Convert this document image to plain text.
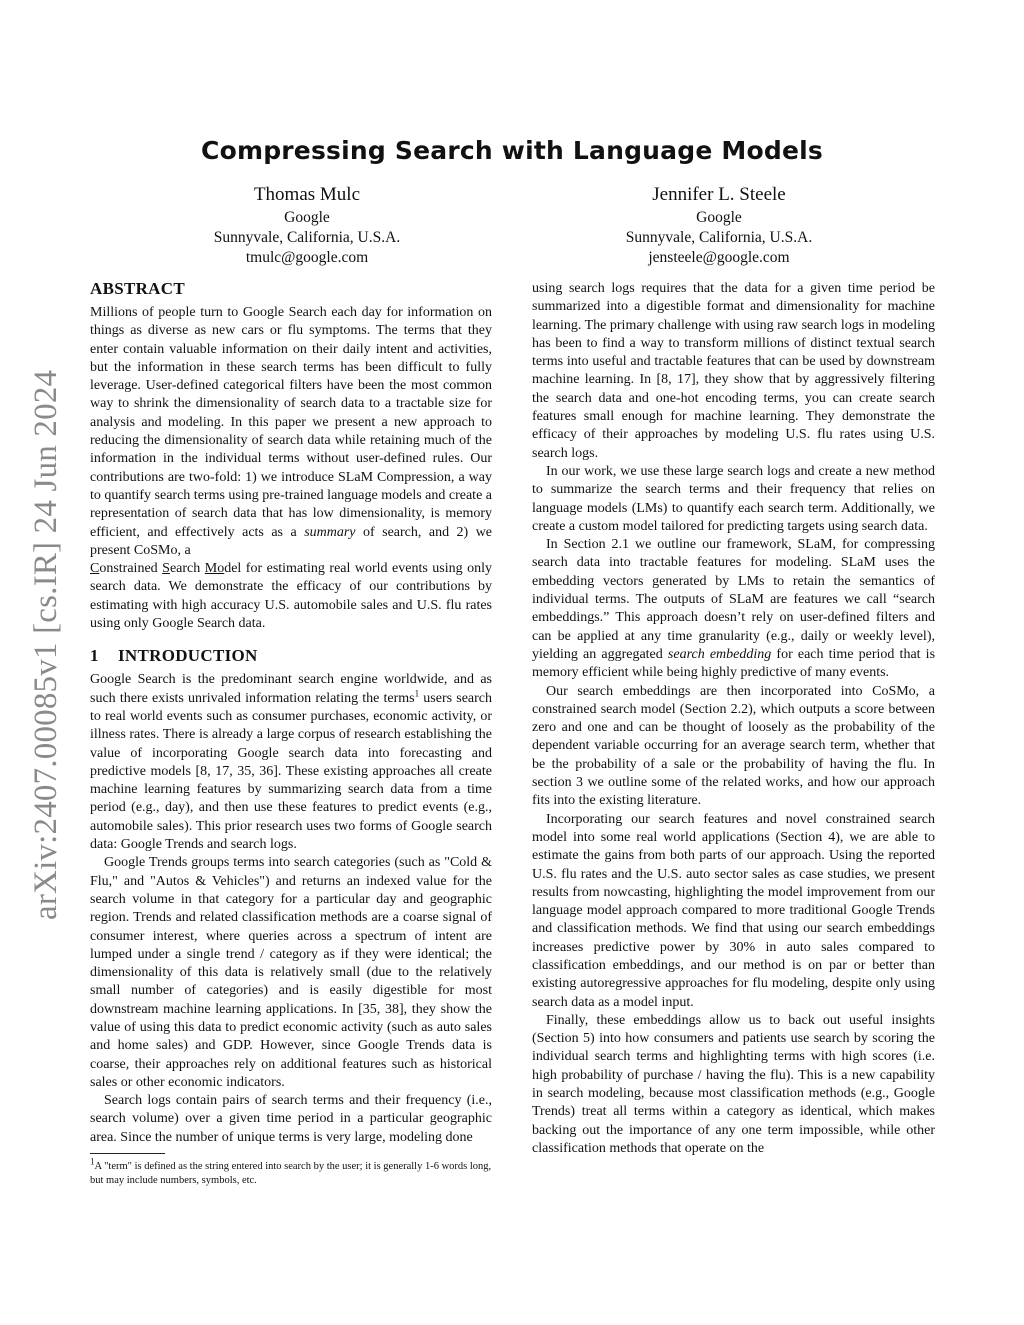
arXiv:2407.00085v1 [cs.IR] 24 Jun 2024
Compressing Search with Language Models
Thomas Mulc
Google
Sunnyvale, California, U.S.A.
tmulc@google.com
Jennifer L. Steele
Google
Sunnyvale, California, U.S.A.
jensteele@google.com
ABSTRACT

Millions of people turn to Google Search each day for information on things as diverse as new cars or flu symptoms. The terms that they enter contain valuable information on their daily intent and activities, but the information in these search terms has been difficult to fully leverage. User-defined categorical filters have been the most common way to shrink the dimensionality of search data to a tractable size for analysis and modeling. In this paper we present a new approach to reducing the dimensionality of search data while retaining much of the information in the individual terms without user-defined rules. Our contributions are two-fold: 1) we introduce SLaM Compression, a way to quantify search terms using pre-trained language models and create a representation of search data that has low dimensionality, is memory efficient, and effectively acts as a summary of search, and 2) we present CoSMo, a
Constrained Search Model for estimating real world events using only search data. We demonstrate the efficacy of our contributions by estimating with high accuracy U.S. automobile sales and U.S. flu rates using only Google Search data.

1 INTRODUCTION

Google Search is the predominant search engine worldwide, and as such there exists unrivaled information relating the terms$^1$ users search to real world events such as consumer purchases, economic activity, or illness rates. There is already a large corpus of research establishing the value of incorporating Google search data into forecasting and predictive models [8, 17, 35, 36]. These existing approaches all create machine learning features by summarizing search data from a time period (e.g., day), and then use these features to predict events (e.g., automobile sales). This prior research uses two forms of Google search data: Google Trends and search logs.

Google Trends groups terms into search categories (such as "Cold & Flu," and "Autos & Vehicles") and returns an indexed value for the search volume in that category for a particular day and geographic region. Trends and related classification methods are a coarse signal of consumer interest, where queries across a spectrum of intent are lumped under a single trend / category as if they were identical; the dimensionality of this data is relatively small (due to the relatively small number of categories) and is easily digestible for most downstream machine learning applications. In [35, 38], they show the value of using this data to predict economic activity (such as auto sales and home sales) and GDP. However, since Google Trends data is coarse, their approaches rely on additional features such as historical sales or other economic indicators.

Search logs contain pairs of search terms and their frequency (i.e., search volume) over a given time period in a particular geographic area. Since the number of unique terms is very large, modeling done

$^1$A "term" is defined as the string entered into search by the user; it is generally 1-6 words long, but may include numbers, symbols, etc.

using search logs requires that the data for a given time period be summarized into a digestible format and dimensionality for machine learning. The primary challenge with using raw search logs in modeling has been to find a way to transform millions of distinct textual search terms into useful and tractable features that can be used by downstream machine learning. In [8, 17], they show that by aggressively filtering the search data and one-hot encoding terms, you can create search features small enough for machine learning. They demonstrate the efficacy of their approaches by modeling U.S. flu rates using U.S. search logs.

In our work, we use these large search logs and create a new method to summarize the search terms and their frequency that relies on language models (LMs) to quantify each search term. Additionally, we create a custom model tailored for predicting targets using search data.

In Section 2.1 we outline our framework, SLaM, for compressing search data into tractable features for modeling. SLaM uses the embedding vectors generated by LMs to retain the semantics of individual terms. The outputs of SLaM are features we call “search embeddings.” This approach doesn’t rely on user-defined filters and can be applied at any time granularity (e.g., daily or weekly level), yielding an aggregated search embedding for each time period that is memory efficient while being highly predictive of many events.

Our search embeddings are then incorporated into CoSMo, a constrained search model (Section 2.2), which outputs a score between zero and one and can be thought of loosely as the probability of the dependent variable occurring for an average search term, whether that be the probability of a sale or the probability of having the flu. In section 3 we outline some of the related works, and how our approach fits into the existing literature.

Incorporating our search features and novel constrained search model into some real world applications (Section 4), we are able to estimate the gains from both parts of our approach. Using the reported U.S. flu rates and the U.S. auto sector sales as case studies, we present results from nowcasting, highlighting the model improvement from our language model approach compared to more traditional Google Trends and classification methods. We find that using our search embeddings increases predictive power by 30% in auto sales compared to classification embeddings, and our method is on par or better than existing autoregressive approaches for flu modeling, despite only using search data as a model input.

Finally, these embeddings allow us to back out useful insights (Section 5) into how consumers and patients use search by scoring the individual search terms and highlighting terms with high scores (i.e. high probability of purchase / having the flu). This is a new capability in search modeling, because most classification methods (e.g., Google Trends) treat all terms within a category as identical, which makes backing out the importance of any one term impossible, while other classification methods that operate on the
